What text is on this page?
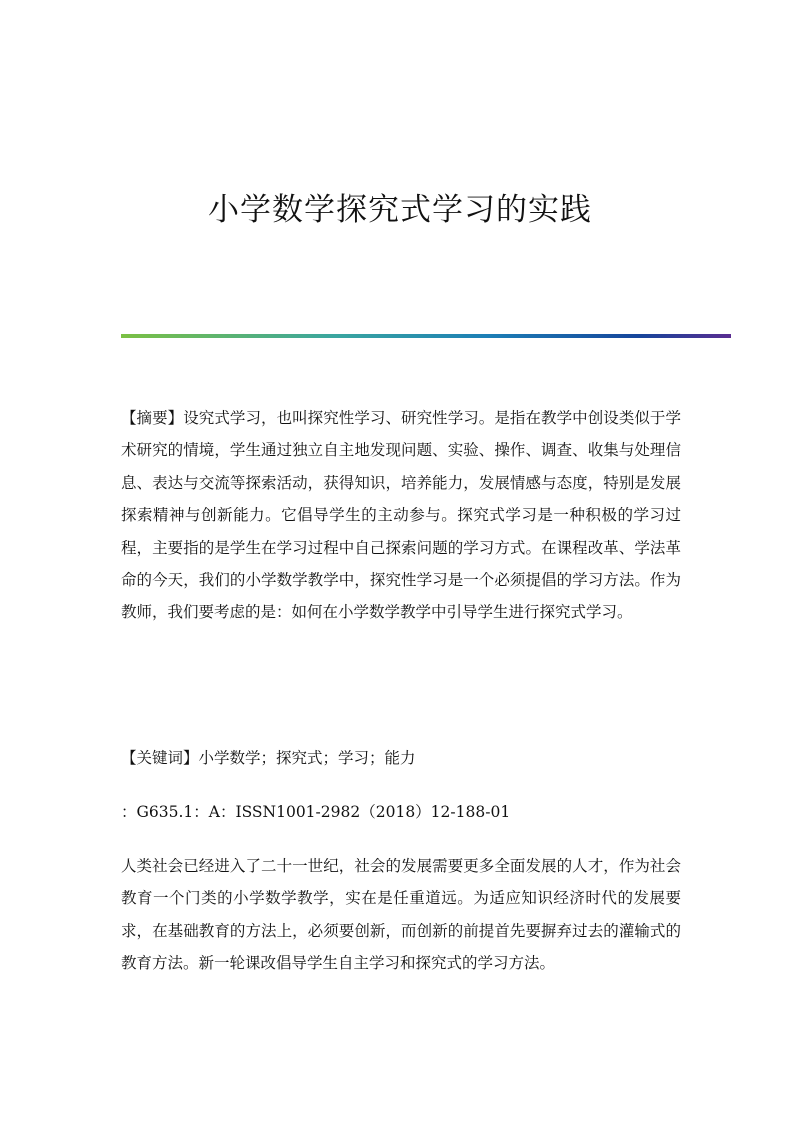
小学数学探究式学习的实践
【摘要】设究式学习，也叫探究性学习、研究性学习。是指在教学中创设类似于学术研究的情境，学生通过独立自主地发现问题、实验、操作、调查、收集与处理信息、表达与交流等探索活动，获得知识，培养能力，发展情感与态度，特别是发展探索精神与创新能力。它倡导学生的主动参与。探究式学习是一种积极的学习过程，主要指的是学生在学习过程中自己探索问题的学习方式。在课程改革、学法革命的今天，我们的小学数学教学中，探究性学习是一个必须提倡的学习方法。作为教师，我们要考虑的是：如何在小学数学教学中引导学生进行探究式学习。
【关键词】小学数学；探究式；学习；能力
：G635.1：A：ISSN1001-2982（2018）12-188-01
人类社会已经进入了二十一世纪，社会的发展需要更多全面发展的人才，作为社会教育一个门类的小学数学教学，实在是任重道远。为适应知识经济时代的发展要求，在基础教育的方法上，必须要创新，而创新的前提首先要摒弃过去的灌输式的教育方法。新一轮课改倡导学生自主学习和探究式的学习方法。
